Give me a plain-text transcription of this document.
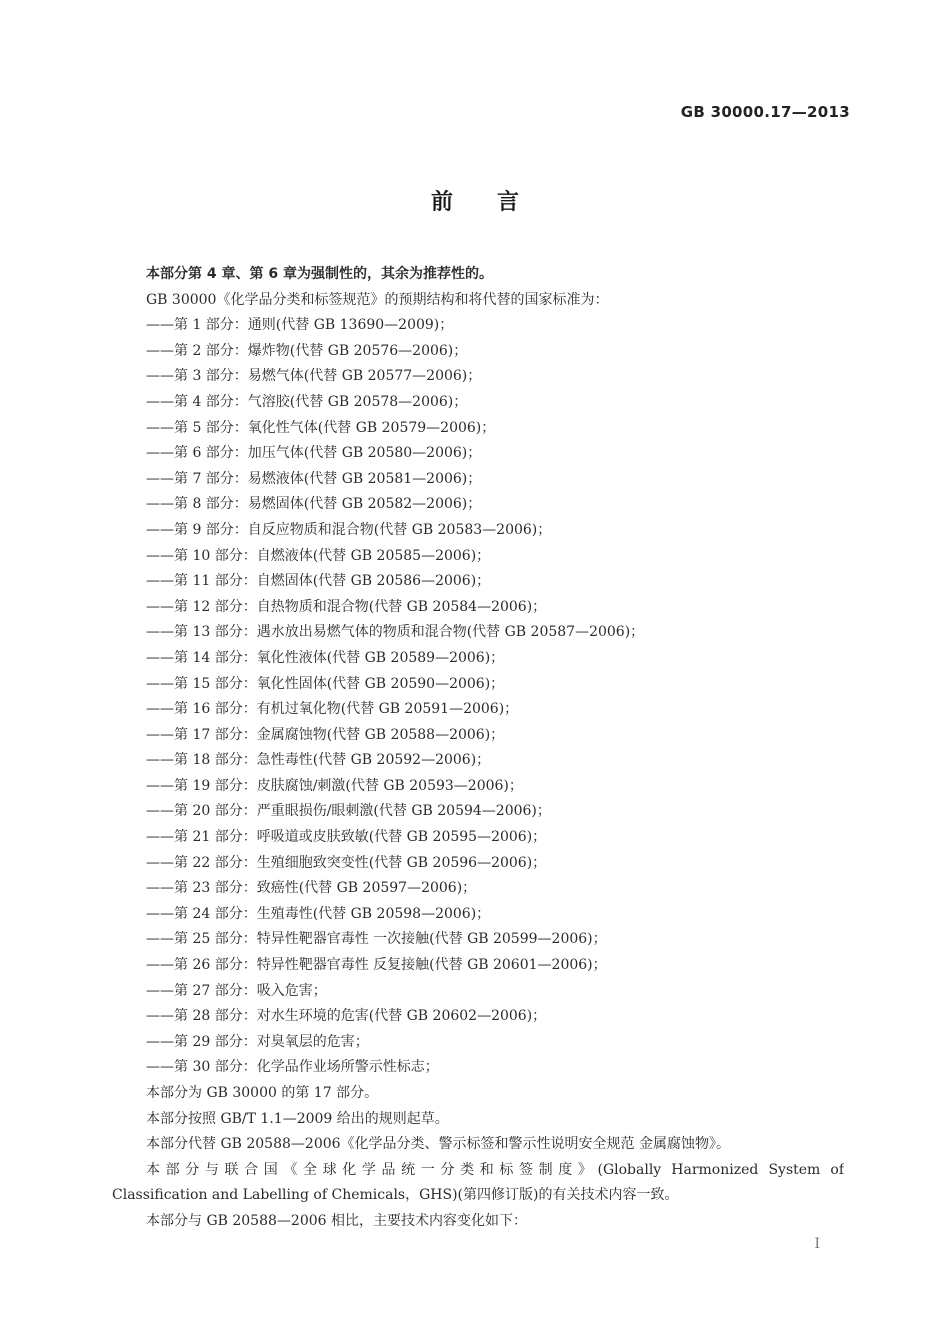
GB 30000.17—2013
前言
本部分第 4 章、第 6 章为强制性的，其余为推荐性的。
GB 30000《化学品分类和标签规范》的预期结构和将代替的国家标准为：
——第 1 部分：通则(代替 GB 13690—2009)；
——第 2 部分：爆炸物(代替 GB 20576—2006)；
——第 3 部分：易燃气体(代替 GB 20577—2006)；
——第 4 部分：气溶胶(代替 GB 20578—2006)；
——第 5 部分：氧化性气体(代替 GB 20579—2006)；
——第 6 部分：加压气体(代替 GB 20580—2006)；
——第 7 部分：易燃液体(代替 GB 20581—2006)；
——第 8 部分：易燃固体(代替 GB 20582—2006)；
——第 9 部分：自反应物质和混合物(代替 GB 20583—2006)；
——第 10 部分：自燃液体(代替 GB 20585—2006)；
——第 11 部分：自燃固体(代替 GB 20586—2006)；
——第 12 部分：自热物质和混合物(代替 GB 20584—2006)；
——第 13 部分：遇水放出易燃气体的物质和混合物(代替 GB 20587—2006)；
——第 14 部分：氧化性液体(代替 GB 20589—2006)；
——第 15 部分：氧化性固体(代替 GB 20590—2006)；
——第 16 部分：有机过氧化物(代替 GB 20591—2006)；
——第 17 部分：金属腐蚀物(代替 GB 20588—2006)；
——第 18 部分：急性毒性(代替 GB 20592—2006)；
——第 19 部分：皮肤腐蚀/刺激(代替 GB 20593—2006)；
——第 20 部分：严重眼损伤/眼刺激(代替 GB 20594—2006)；
——第 21 部分：呼吸道或皮肤致敏(代替 GB 20595—2006)；
——第 22 部分：生殖细胞致突变性(代替 GB 20596—2006)；
——第 23 部分：致癌性(代替 GB 20597—2006)；
——第 24 部分：生殖毒性(代替 GB 20598—2006)；
——第 25 部分：特异性靶器官毒性 一次接触(代替 GB 20599—2006)；
——第 26 部分：特异性靶器官毒性 反复接触(代替 GB 20601—2006)；
——第 27 部分：吸入危害；
——第 28 部分：对水生环境的危害(代替 GB 20602—2006)；
——第 29 部分：对臭氧层的危害；
——第 30 部分：化学品作业场所警示性标志；
本部分为 GB 30000 的第 17 部分。
本部分按照 GB/T 1.1—2009 给出的规则起草。
本部分代替 GB 20588—2006《化学品分类、警示标签和警示性说明安全规范 金属腐蚀物》。
本部分与联合国《全球化学品统一分类和标签制度》(Globally Harmonized System of
Classification and Labelling of Chemicals，GHS)(第四修订版)的有关技术内容一致。
本部分与 GB 20588—2006 相比，主要技术内容变化如下：
I
